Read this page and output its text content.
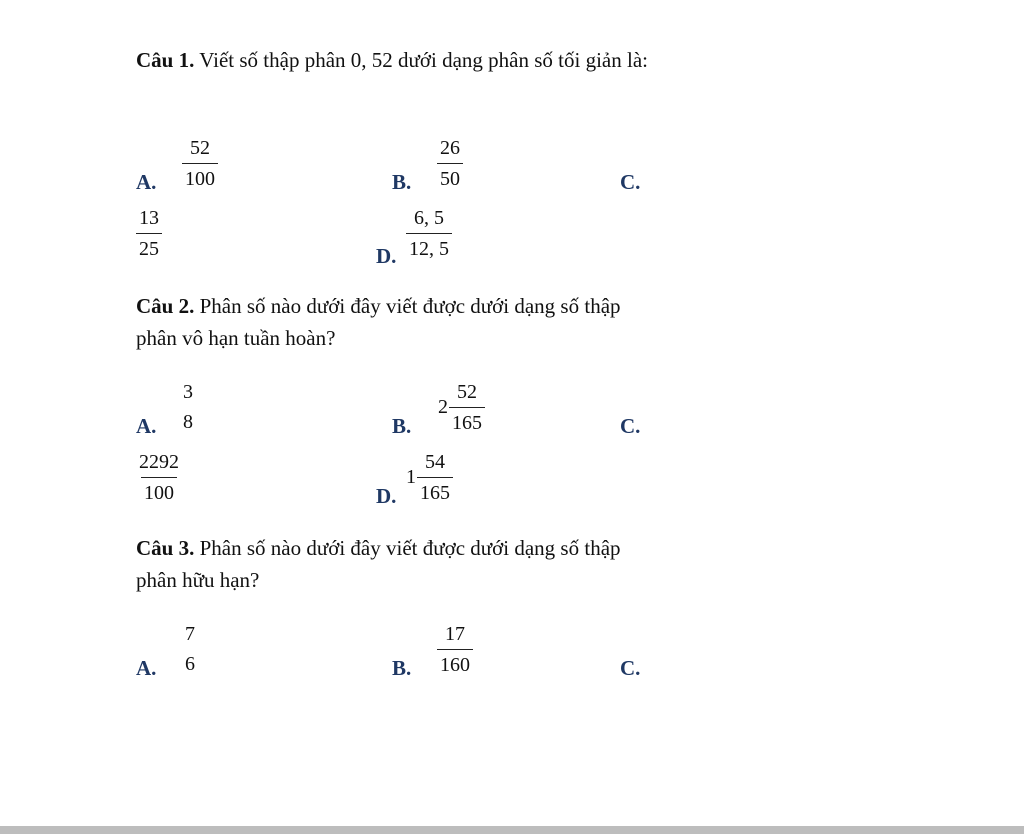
Câu 1. Viết số thập phân 0, 52 dưới dạng phân số tối giản là:

A. $\frac{52}{100}$	B. $\frac{26}{50}$	C.
$\frac{13}{25}$	D. $\frac{6, 5}{12, 5}$

Câu 2. Phân số nào dưới đây viết được dưới dạng số thập phân vô hạn tuần hoàn?

A.
3
8	B.
$2 \frac{52}{165}$	C.
$\frac{2292}{100}$	D.
$1 \frac{54}{165}$

Câu 3. Phân số nào dưới đây viết được dưới dạng số thập phân hữu hạn?

A.
7
6	B. $\frac{17}{160}$	C.
